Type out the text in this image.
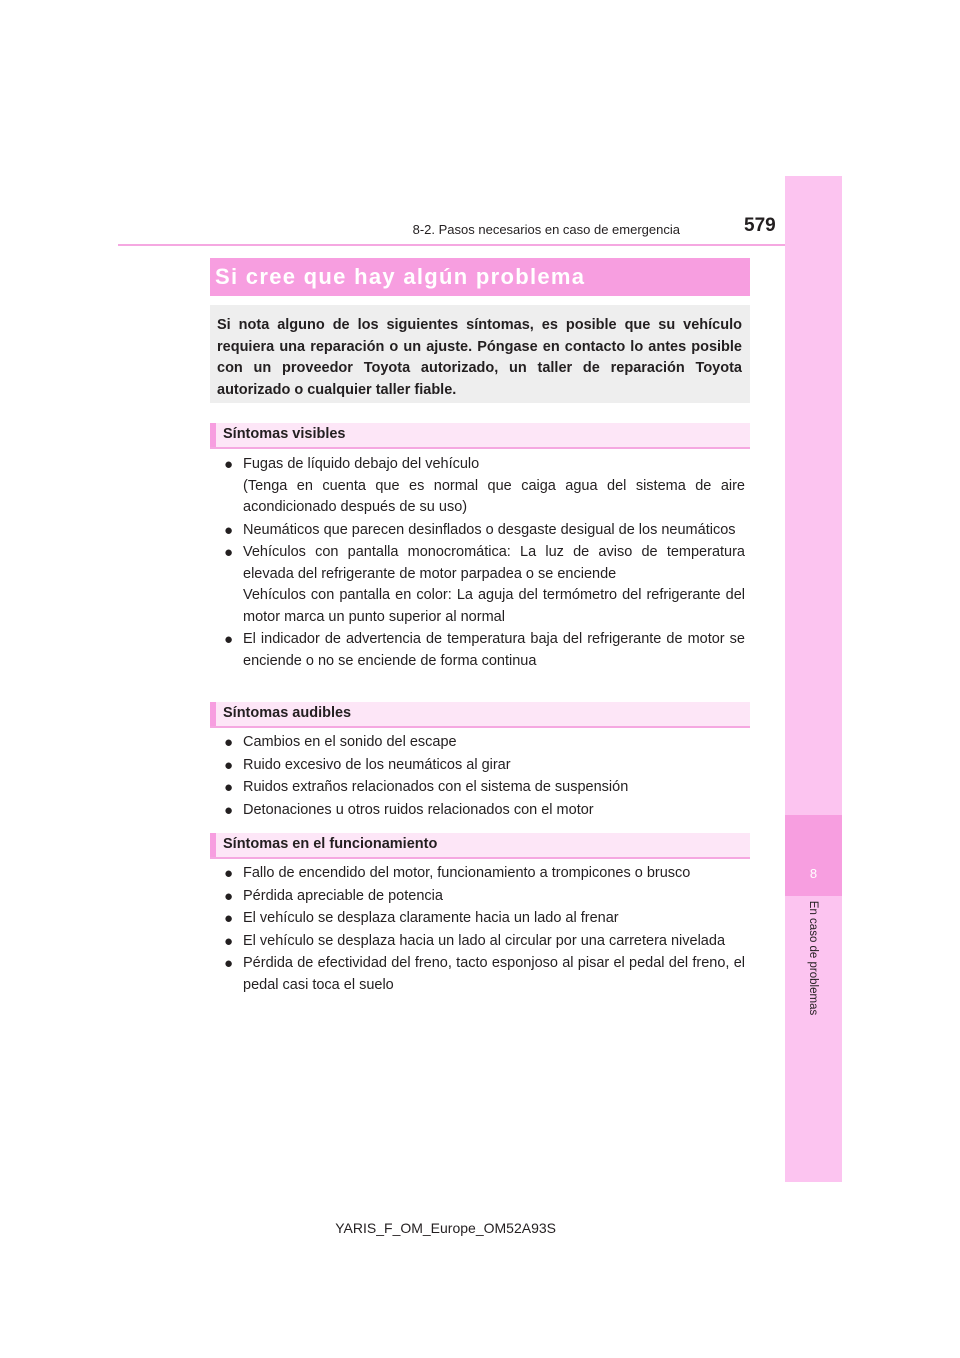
8
En caso de problemas
8-2. Pasos necesarios en caso de emergencia	579
Si cree que hay algún problema

Si nota alguno de los siguientes síntomas, es posible que su vehículo requiera una reparación o un ajuste. Póngase en contacto lo antes posible con un proveedor Toyota autorizado, un taller de reparación Toyota autorizado o cualquier taller fiable.

Síntomas visibles
● Fugas de líquido debajo del vehículo
(Tenga en cuenta que es normal que caiga agua del sistema de aire acondicionado después de su uso)
● Neumáticos que parecen desinflados o desgaste desigual de los neumáticos
● Vehículos con pantalla monocromática: La luz de aviso de temperatura elevada del refrigerante de motor parpadea o se enciende
Vehículos con pantalla en color: La aguja del termómetro del refrigerante del motor marca un punto superior al normal
● El indicador de advertencia de temperatura baja del refrigerante de motor se enciende o no se enciende de forma continua
Síntomas audibles
● Cambios en el sonido del escape
● Ruido excesivo de los neumáticos al girar
● Ruidos extraños relacionados con el sistema de suspensión
● Detonaciones u otros ruidos relacionados con el motor
Síntomas en el funcionamiento
● Fallo de encendido del motor, funcionamiento a trompicones o brusco
● Pérdida apreciable de potencia
● El vehículo se desplaza claramente hacia un lado al frenar
● El vehículo se desplaza hacia un lado al circular por una carretera nivelada
● Pérdida de efectividad del freno, tacto esponjoso al pisar el pedal del freno, el pedal casi toca el suelo
YARIS_F_OM_Europe_OM52A93S
